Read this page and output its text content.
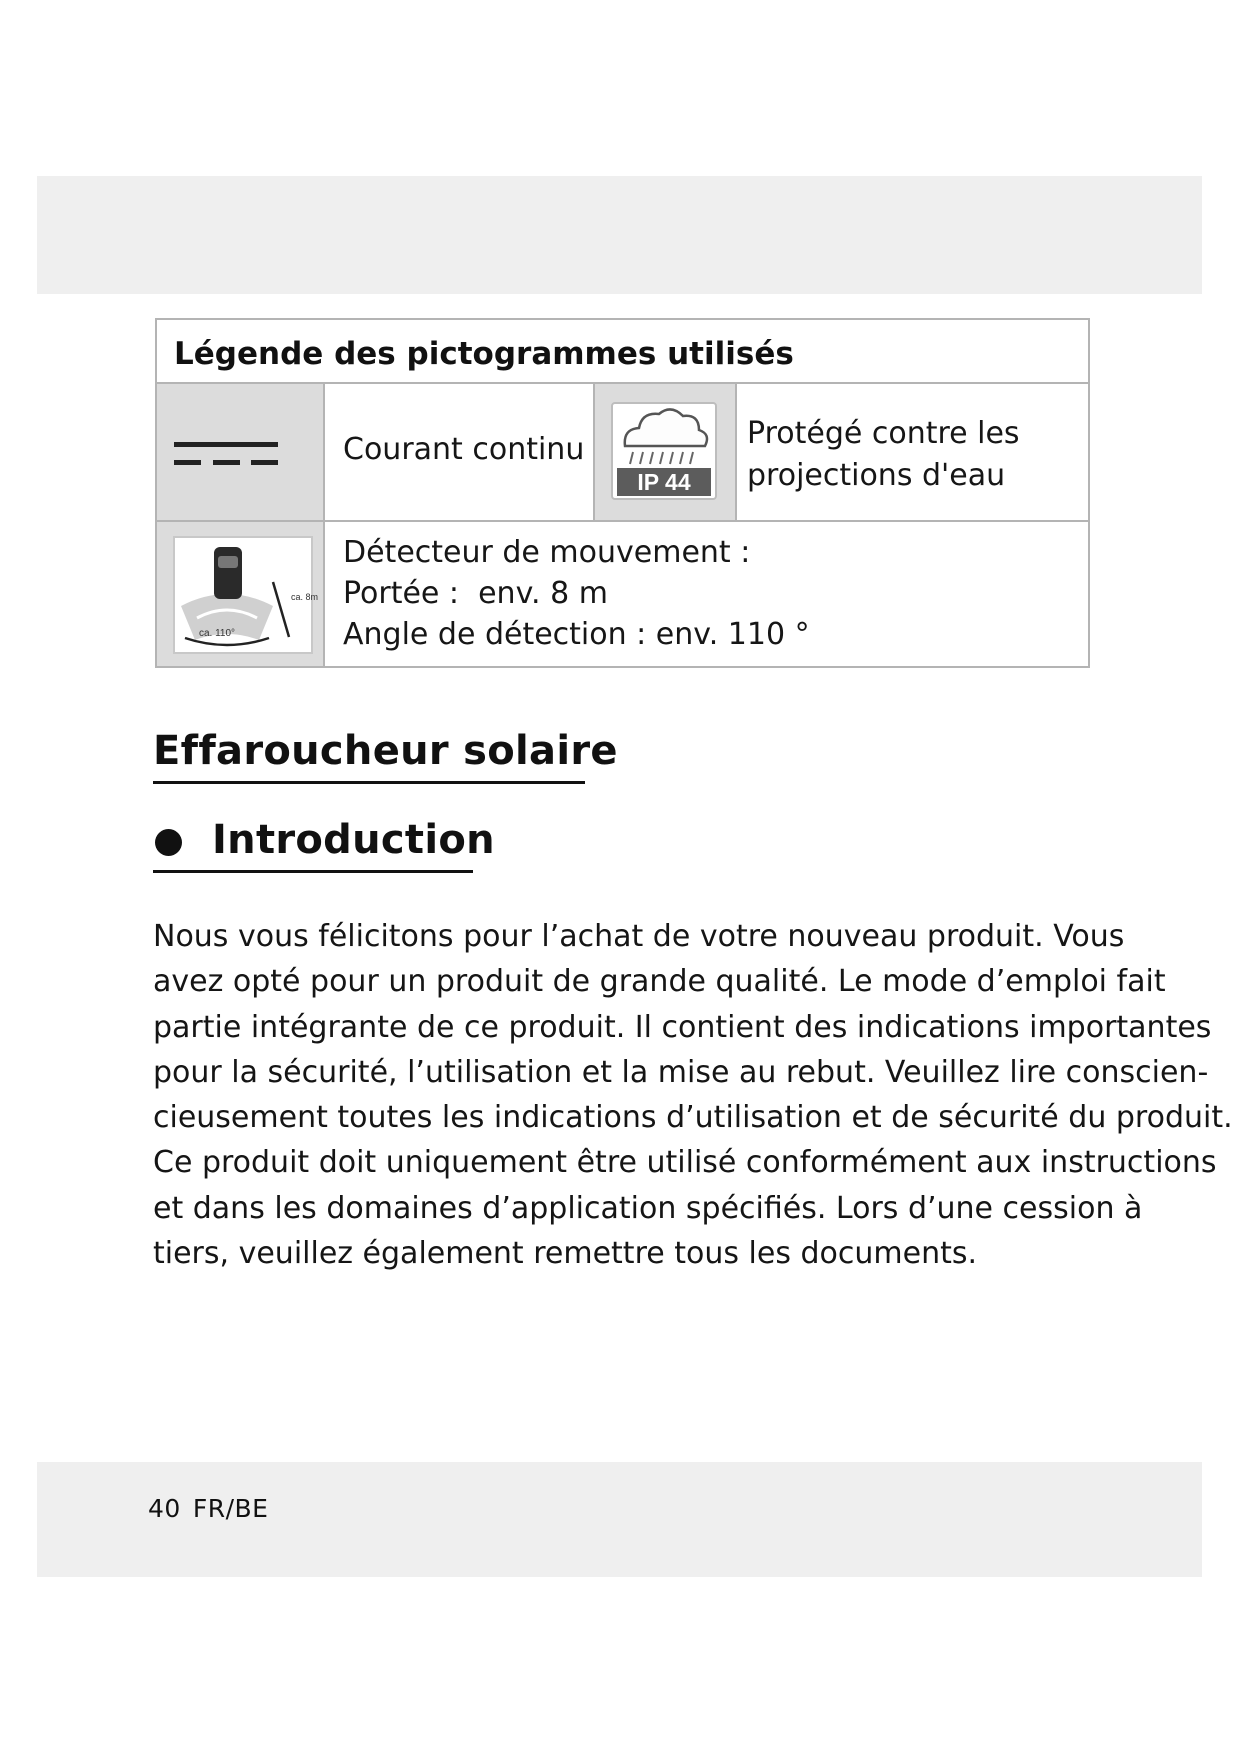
Légende des pictogrammes utilisés
Courant continu
IP 44
Protégé contre les
projections d'eau
ca. 110°
ca. 8m
Détecteur de mouvement :
Portée :  env. 8 m
Angle de détection : env. 110 °
Effaroucheur solaire
Introduction
Nous vous félicitons pour l’achat de votre nouveau produit. Vous
avez opté pour un produit de grande qualité. Le mode d’emploi fait
partie intégrante de ce produit. Il contient des indications importantes
pour la sécurité, l’utilisation et la mise au rebut. Veuillez lire conscien-
cieusement toutes les indications d’utilisation et de sécurité du produit.
Ce produit doit uniquement être utilisé conformément aux instructions
et dans les domaines d’application spécifiés. Lors d’une cession à
tiers, veuillez également remettre tous les documents.
40 FR/BE
